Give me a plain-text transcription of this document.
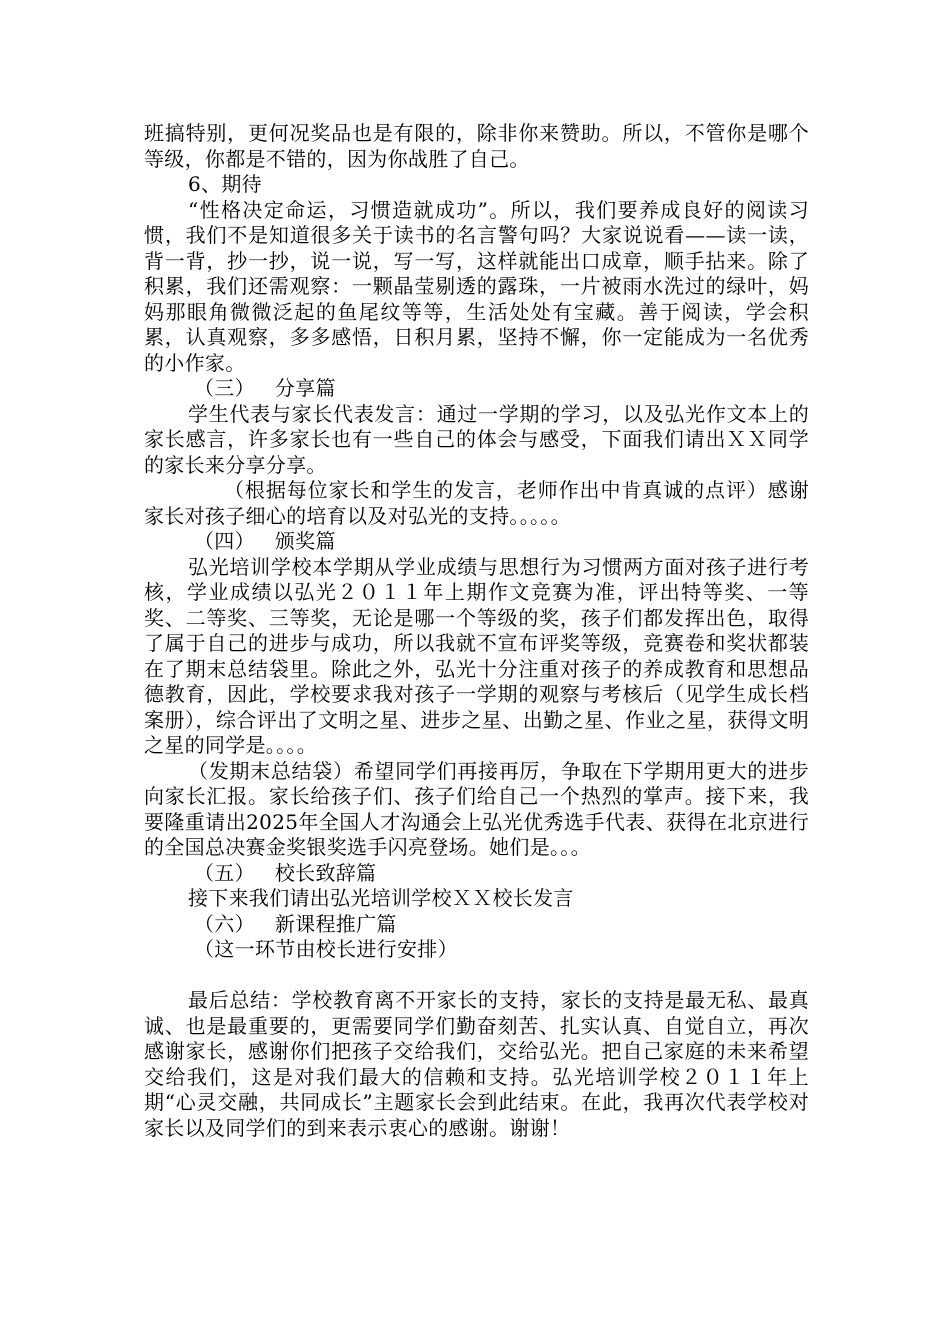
班搞特别，更何况奖品也是有限的，除非你来赞助。所以，不管你是哪个等级，你都是不错的，因为你战胜了自己。

6、期待

“性格决定命运，习惯造就成功”。所以，我们要养成良好的阅读习惯，我们不是知道很多关于读书的名言警句吗？大家说说看——读一读，背一背，抄一抄，说一说，写一写，这样就能出口成章，顺手拈来。除了积累，我们还需观察：一颗晶莹剔透的露珠，一片被雨水洗过的绿叶，妈妈那眼角微微泛起的鱼尾纹等等，生活处处有宝藏。善于阅读，学会积累，认真观察，多多感悟，日积月累，坚持不懈，你一定能成为一名优秀的小作家。

（三）   分享篇

学生代表与家长代表发言：通过一学期的学习，以及弘光作文本上的家长感言，许多家长也有一些自己的体会与感受，下面我们请出ＸＸ同学的家长来分享分享。

（根据每位家长和学生的发言，老师作出中肯真诚的点评）感谢家长对孩子细心的培育以及对弘光的支持。。。。。

（四）   颁奖篇

弘光培训学校本学期从学业成绩与思想行为习惯两方面对孩子进行考核，学业成绩以弘光２０１１年上期作文竞赛为准，评出特等奖、一等奖、二等奖、三等奖，无论是哪一个等级的奖，孩子们都发挥出色，取得了属于自己的进步与成功，所以我就不宣布评奖等级，竞赛卷和奖状都装在了期末总结袋里。除此之外，弘光十分注重对孩子的养成教育和思想品德教育，因此，学校要求我对孩子一学期的观察与考核后（见学生成长档案册），综合评出了文明之星、进步之星、出勤之星、作业之星，获得文明之星的同学是。。。。

（发期末总结袋）希望同学们再接再厉，争取在下学期用更大的进步向家长汇报。家长给孩子们、孩子们给自己一个热烈的掌声。接下来，我要隆重请出2025年全国人才沟通会上弘光优秀选手代表、获得在北京进行的全国总决赛金奖银奖选手闪亮登场。她们是。。。

（五）   校长致辞篇

接下来我们请出弘光培训学校ＸＸ校长发言

（六）   新课程推广篇

（这一环节由校长进行安排）

最后总结：学校教育离不开家长的支持，家长的支持是最无私、最真诚、也是最重要的，更需要同学们勤奋刻苦、扎实认真、自觉自立，再次感谢家长，感谢你们把孩子交给我们，交给弘光。把自己家庭的未来希望交给我们，这是对我们最大的信赖和支持。弘光培训学校２０１１年上期“心灵交融，共同成长”主题家长会到此结束。在此，我再次代表学校对家长以及同学们的到来表示衷心的感谢。谢谢！
